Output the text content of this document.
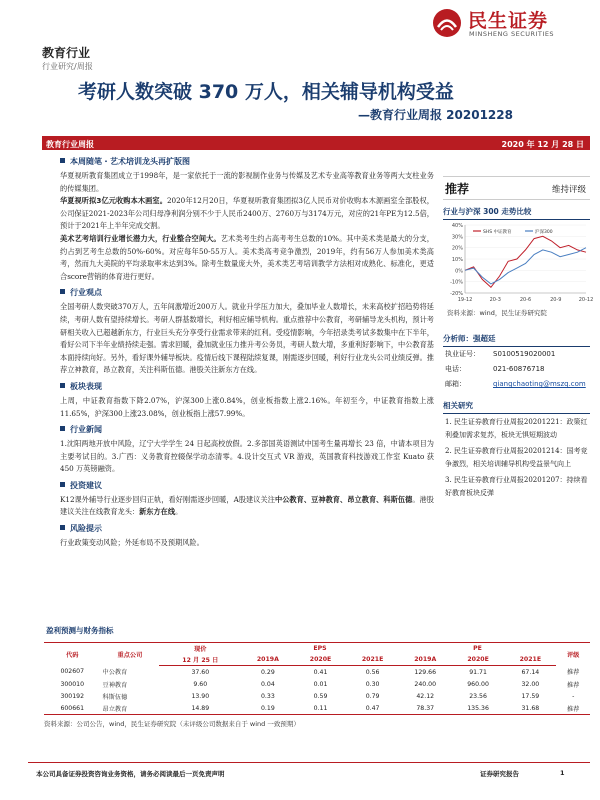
民生证券
MINSHENG SECURITIES
教育行业
行业研究/周报
考研人数突破 370 万人，相关辅导机构受益
—教育行业周报 20201228
教育行业周报	2020 年 12 月 28 日
本周随笔・艺术培训龙头再扩版图

华夏视听教育集团成立于1998年，是一家依托于一流的影视制作业务与传媒及艺术专业高等教育业务等两大支柱业务的传媒集团。

华夏视听拟3亿元收购本木画室。2020年12月20日，华夏视听教育集团拟3亿人民币对价收购本木源画室全部股权，公司保证2021-2023年公司归母净利润分别不少于人民币2400万、2760万与3174万元，对应的21年PE为12.5倍，预计于2021年上半年完成交割。

美术艺考培训行业增长潜力大，行业整合空间大。艺术类考生约占高考考生总数的10%。其中美术类是最大的分支，约占到艺考生总数的50%-60%。对应每年50-55万人。美术类高考竞争激烈，2019年，约有56万人参加美术类高考，然而九大美院的平均录取率未达到3%。除考生数量庞大外，美术类艺考培训教学方法相对成熟化、标准化，更适合score营销的体育进行更好。

行业观点

全国考研人数突破370万人，五年间激增近200万人。就业升学压力加大，叠加毕业人数增长，未来高校扩招趋势将延续，考研人数有望持续增长。考研人群基数增长，利好相应辅导机构。重点推荐中公教育，考研辅导龙头机构，预计考研相关收入已超越新东方，行业巨头充分享受行业需求带来的红利。受疫情影响，今年招录类考试多数集中在下半年，看好公司下半年业绩持续走强。需求回暖，叠加就业压力推升考公务员，考研人数大增，多重利好影响下，中公教育基本面持续向好。另外，看好课外辅导板块。疫情后线下课程陆续复课，刚需逐步回暖，利好行业龙头公司业绩反弹。推荐立神教育，昂立教育，关注科斯伍德。港股关注新东方在线。

板块表现

上周，中证教育指数下降2.07%，沪深300上涨0.84%，创业板指数上涨2.16%。年初至今，中证教育指数上涨11.65%，沪深300上涨23.08%，创业板指上涨57.99%。

行业新闻

1.沈阳两地开放中风险，辽宁大学学生 24 日起高校放假。2.多部国英语测试中国考生量再增长 23 倍，中请本项目为主要考试目的。3.广西：义务教育控辍保学动态清零。4.设计交互式 VR 游戏，英国教育科技游戏工作室 Kuato 获 450 万英镑融资。

投资建议

K12课外辅导行业逐步回归正轨，看好刚需逐步回暖，A股建议关注中公教育、豆神教育、昂立教育、科斯伍德。港股建议关注在线教育龙头：新东方在线。

风险提示

行业政策变动风险；外延布局不及预期风险。

推荐	维持评级
行业与沪深 300 走势比较
40%
30%
20%
10%
0%
-10%
-20%
19-12	20-3	20-6	20-9	20-12
SHS 中证教育	沪深300
资料来源：wind，民生证券研究院
分析师：强超廷
执业证号： S0100519020001
电话：	021-60876718
邮箱：	qiangchaoting@mszq.com
相关研究

1. 民生证券教育行业周报20201221：政策红利叠加需求复苏，板块无惧短期波动

2. 民生证券教育行业周报20201214：国考竞争激烈，相关培训辅导机构受益景气向上

3. 民生证券教育行业周报20201207：持续看好教育板块反弹

盈利预测与财务指标
代码	重点公司	现价	EPS			PE			评级
		12 月 25 日	2019A	2020E	2021E	2019A	2020E	2021E	
002607	中公教育	37.60	0.29	0.41	0.56	129.66	91.71	67.14	推荐
300010	豆神教育	9.60	0.04	0.01	0.30	240.00	960.00	32.00	推荐
300192	科斯伍德	13.90	0.33	0.59	0.79	42.12	23.56	17.59	-
600661	昂立教育	14.89	0.19	0.11	0.47	78.37	135.36	31.68	推荐
资料来源：公司公告，wind，民生证券研究院（未评级公司数据来自于 wind 一致预期）
本公司具备证券投资咨询业务资格，请务必阅读最后一页免责声明	证券研究报告	1
